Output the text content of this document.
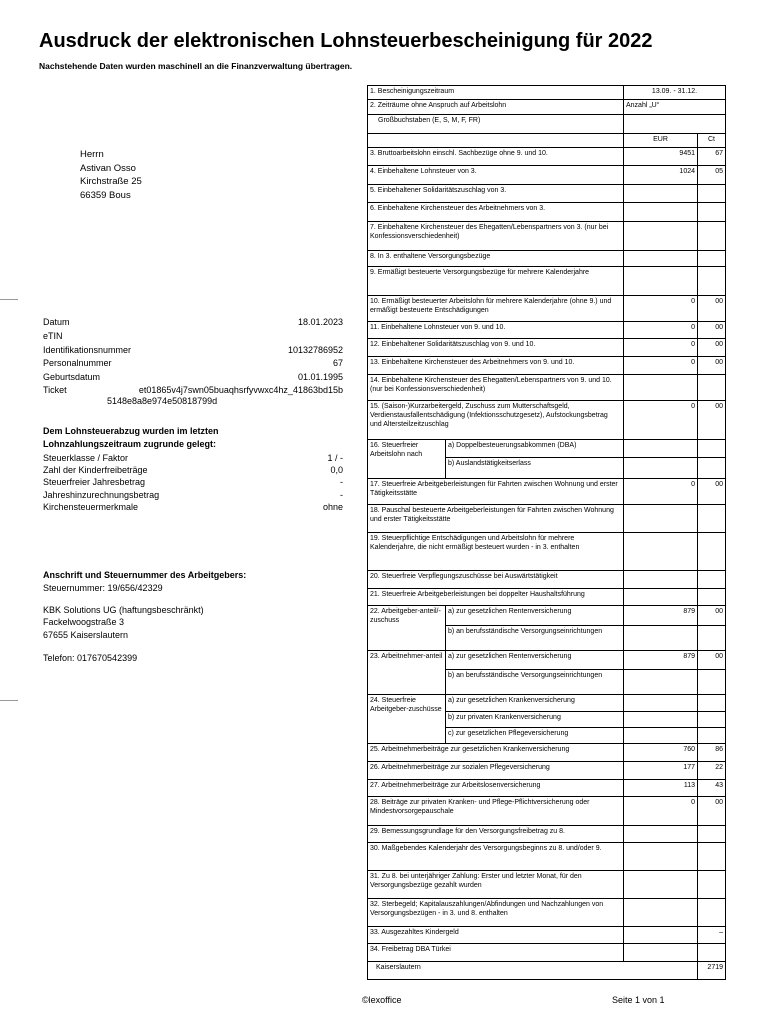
Ausdruck der elektronischen Lohnsteuerbescheinigung für 2022
Nachstehende Daten wurden maschinell an die Finanzverwaltung übertragen.
Herrn
Astivan Osso
Kirchstraße 25
66359 Bous
Datum	18.01.2023
eTIN
Identifikationsnummer	10132786952
Personalnummer	67
Geburtsdatum	01.01.1995
Ticket	et01865v4j7swn05buaqhsrfyvwxc4hz_41863bd15b
5148e8a8e974e50818799d
Dem Lohnsteuerabzug wurden im letzten
Lohnzahlungszeitraum zugrunde gelegt:
Steuerklasse / Faktor	1 / -
Zahl der Kinderfreibeträge	0,0
Steuerfreier Jahresbetrag	-
Jahreshinzurechnungsbetrag	-
Kirchensteuermerkmale	ohne
Anschrift und Steuernummer des Arbeitgebers:
Steuernummer: 19/656/42329
KBK Solutions UG (haftungsbeschränkt)
Fackelwoogstraße 3
67655 Kaiserslautern
Telefon: 017670542399
1. Bescheinigungszeitraum		13.09. - 31.12.	
2. Zeiträume ohne Anspruch auf Arbeitslohn		Anzahl „U“	
Großbuchstaben (E, S, M, F, FR)			
		EUR	Ct
3. Bruttoarbeitslohn einschl. Sachbezüge ohne 9. und 10.		9451	67
4. Einbehaltene Lohnsteuer von 3.		1024	05
5. Einbehaltener Solidaritätszuschlag von 3.			
6. Einbehaltene Kirchensteuer des Arbeitnehmers von 3.			
7. Einbehaltene Kirchensteuer des Ehegatten/Lebenspartners von 3. (nur bei Konfessionsverschiedenheit)			
8. In 3. enthaltene Versorgungsbezüge			
9. Ermäßigt besteuerte Versorgungsbezüge für mehrere Kalenderjahre			
10. Ermäßigt besteuerter Arbeitslohn für mehrere Kalenderjahre (ohne 9.) und ermäßigt besteuerte Entschädigungen		0	00
11. Einbehaltene Lohnsteuer von 9. und 10.		0	00
12. Einbehaltener Solidaritätszuschlag von 9. und 10.		0	00
13. Einbehaltene Kirchensteuer des Arbeitnehmers von 9. und 10.		0	00
14. Einbehaltene Kirchensteuer des Ehegatten/Lebenspartners von 9. und 10. (nur bei Konfessionsverschiedenheit)			
15. (Saison-)Kurzarbeitergeld, Zuschuss zum Mutterschaftsgeld, Verdienstausfallentschädigung (Infektionsschutzgesetz), Aufstockungsbetrag und Altersteilzeitzuschlag		0	00
16. Steuerfreier Arbeitslohn nach	a) Doppelbesteuerungsabkommen (DBA)		
	b) Auslandstätigkeitserlass		
17. Steuerfreie Arbeitgeberleistungen für Fahrten zwischen Wohnung und erster Tätigkeitsstätte		0	00
18. Pauschal besteuerte Arbeitgeberleistungen für Fahrten zwischen Wohnung und erster Tätigkeitsstätte			
19. Steuerpflichtige Entschädigungen und Arbeitslohn für mehrere Kalenderjahre, die nicht ermäßigt besteuert wurden - in 3. enthalten			
20. Steuerfreie Verpflegungszuschüsse bei Auswärtstätigkeit			
21. Steuerfreie Arbeitgeberleistungen bei doppelter Haushaltsführung			
22. Arbeitgeber-anteil/-zuschuss	a) zur gesetzlichen Rentenversicherung	879	00
	b) an berufsständische Versorgungseinrichtungen		
23. Arbeitnehmer-anteil	a) zur gesetzlichen Rentenversicherung	879	00
	b) an berufsständische Versorgungseinrichtungen		
24. Steuerfreie Arbeitgeber-zuschüsse	a) zur gesetzlichen Krankenversicherung		
	b) zur privaten Krankenversicherung		
	c) zur gesetzlichen Pflegeversicherung		
25. Arbeitnehmerbeiträge zur gesetzlichen Krankenversicherung		760	86
26. Arbeitnehmerbeiträge zur sozialen Pflegeversicherung		177	22
27. Arbeitnehmerbeiträge zur Arbeitslosenversicherung		113	43
28. Beiträge zur privaten Kranken- und Pflege-Pflichtversicherung oder Mindestvorsorgepauschale		0	00
29. Bemessungsgrundlage für den Versorgungsfreibetrag zu 8.			
30. Maßgebendes Kalenderjahr des Versorgungsbeginns zu 8. und/oder 9.			
31. Zu 8. bei unterjähriger Zahlung: Erster und letzter Monat, für den Versorgungsbezüge gezahlt wurden			
32. Sterbegeld; Kapitalauszahlungen/Abfindungen und Nachzahlungen von Versorgungsbezügen - in 3. und 8. enthalten			
33. Ausgezahltes Kindergeld			–
34. Freibetrag DBA Türkei			
Kaiserslautern			2719
©lexoffice	Seite 1 von 1
